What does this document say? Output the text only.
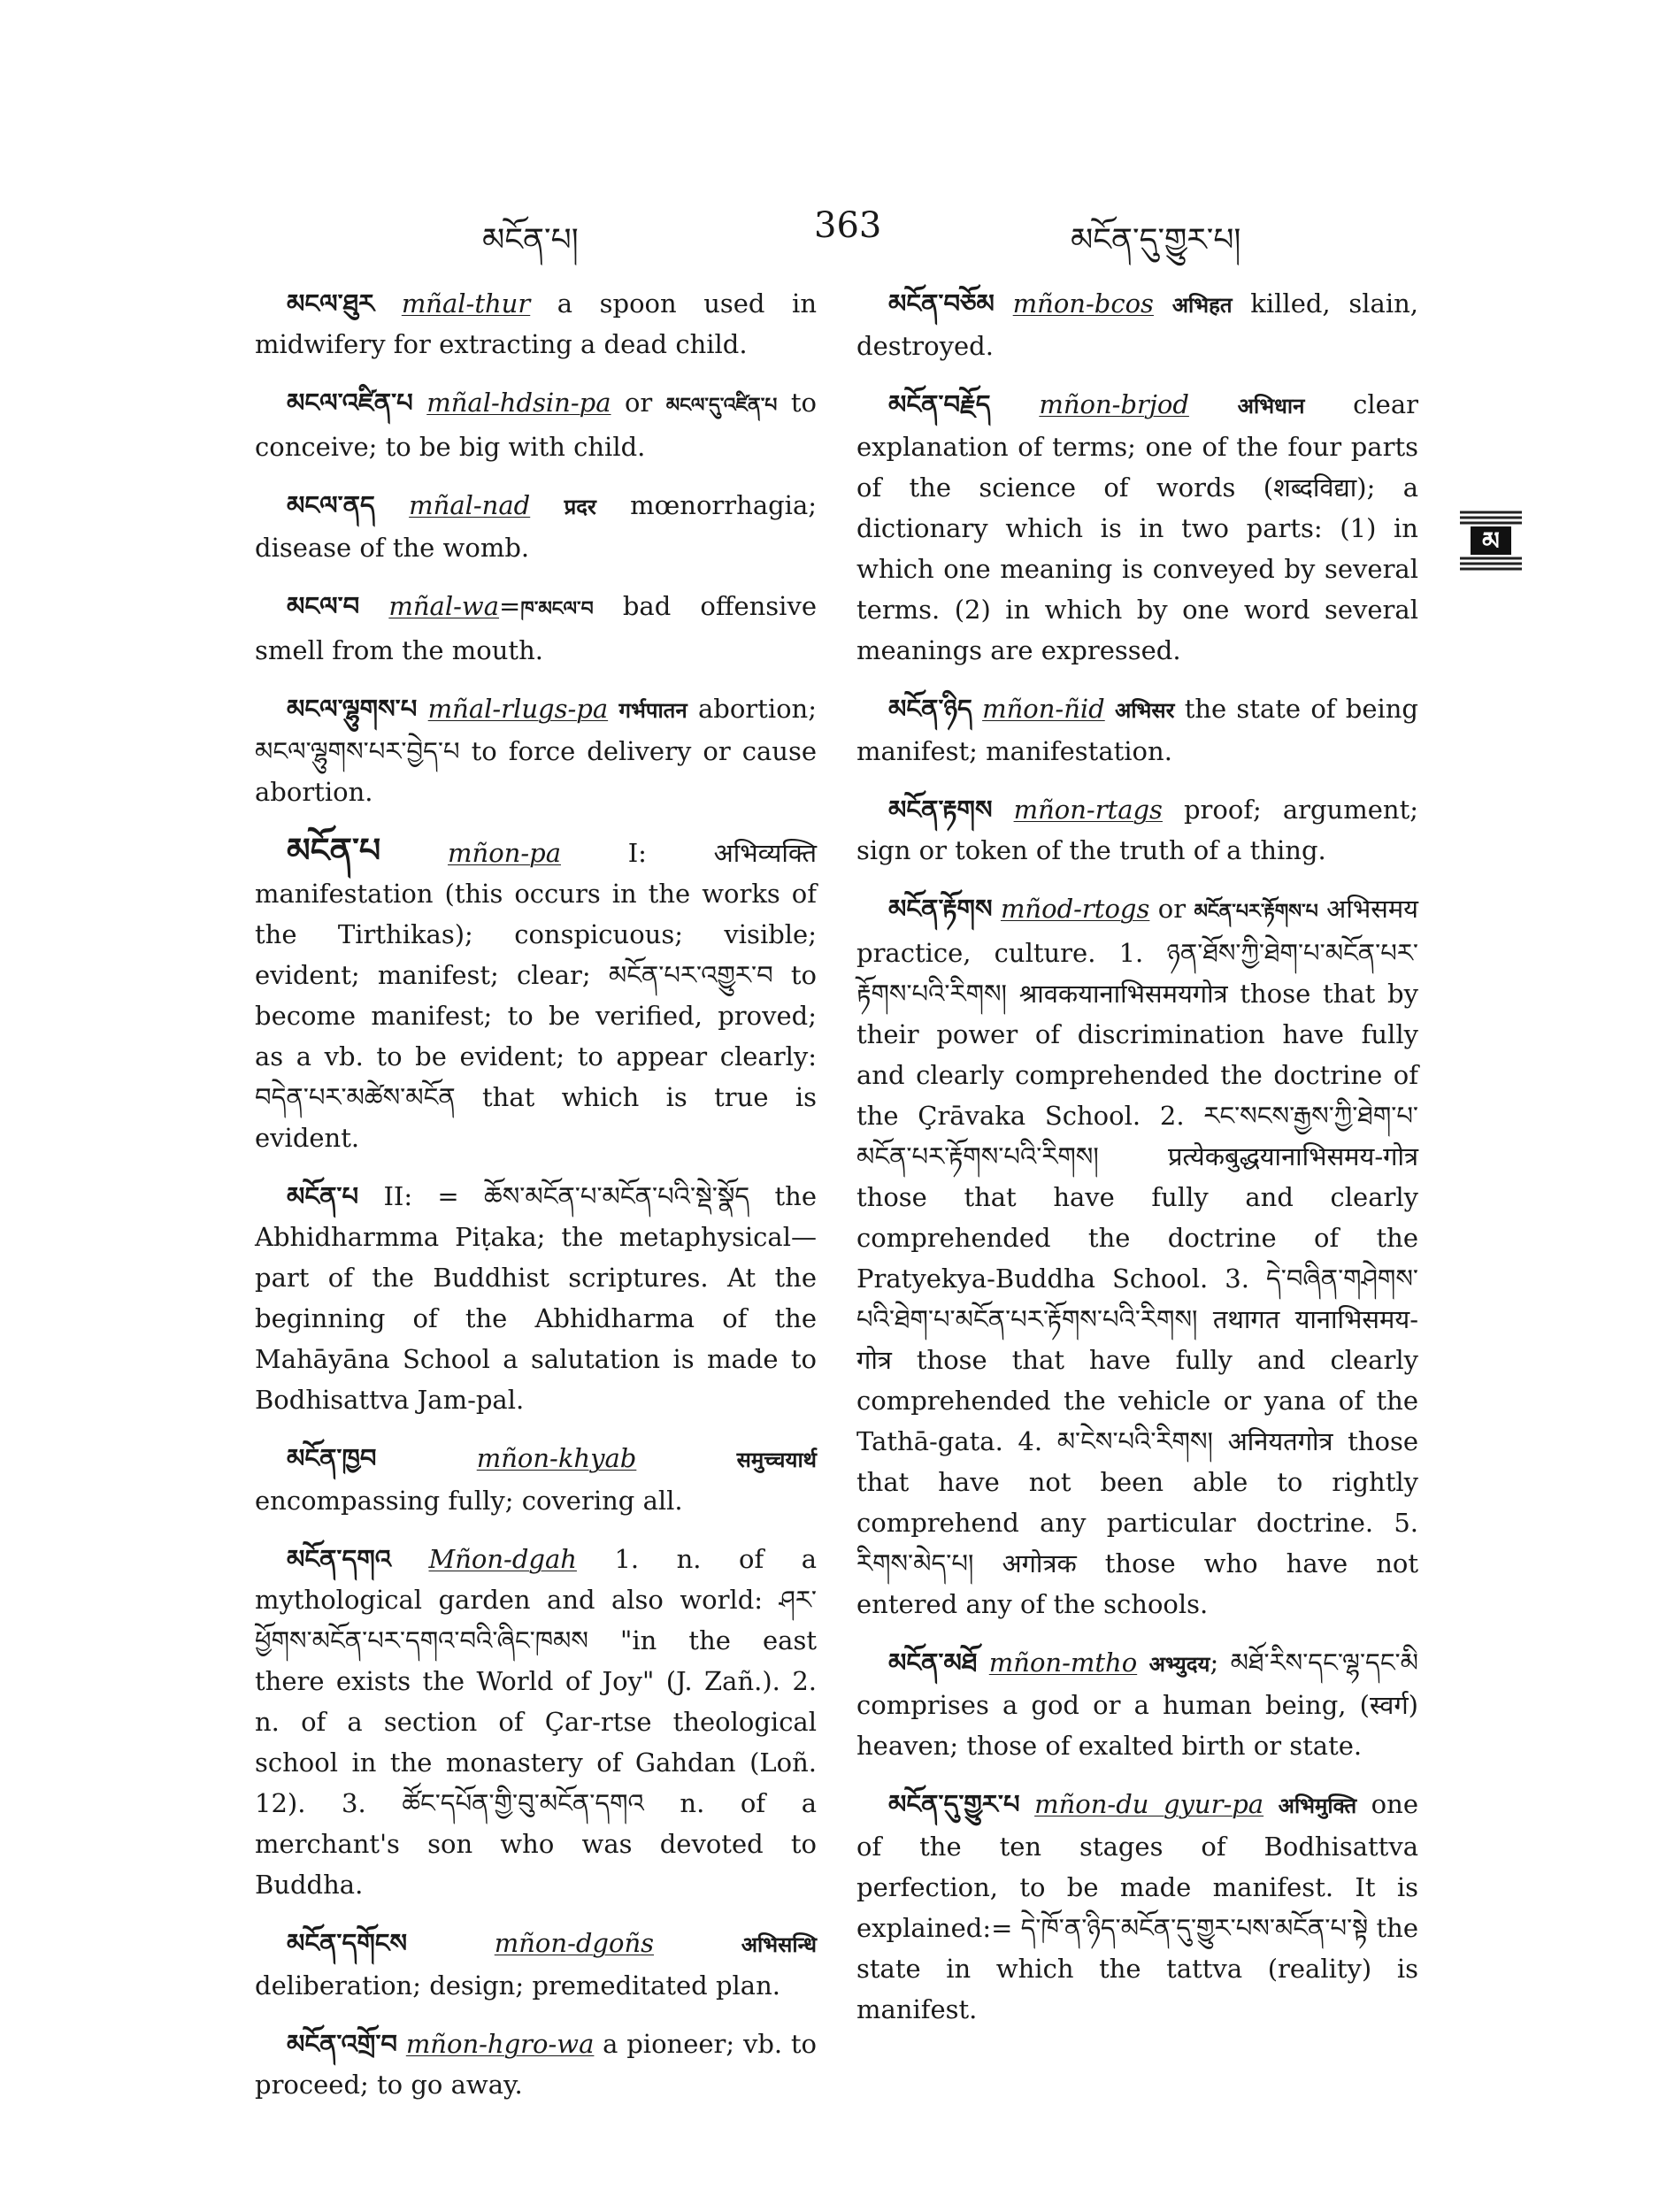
མངོན་པ།	363	མངོན་དུ་གྱུར་པ།

མངལ་ཐུར mñal-thur a spoon used in midwifery for extracting a dead child.

མངལ་འཛིན་པ mñal-hdsin-pa or མངལ་དུ་འཛིན་པ to conceive; to be big with child.

མངལ་ནད mñal-nad प्रदर mœnorrhagia; disease of the womb.

མངལ་བ mñal-wa=ཁ་མངལ་བ bad offensive smell from the mouth.

མངལ་ལྷུགས་པ mñal-rlugs-pa गर्भपातन abortion; མངལ་ལྷུགས་པར་བྱེད་པ to force delivery or cause abortion.

མངོན་པ	mñon-pa I: अभिव्यक्ति manifestation (this occurs in the works of the Tirthikas); conspicuous; visible; evident; manifest; clear; མངོན་པར་འགྱུར་བ to become manifest; to be verified, proved; as a vb. to be evident; to appear clearly: བདེན་པར་མཚེས་མངོན that which is true is evident.

མངོན་པ II: = ཆོས་མངོན་པ་མངོན་པའི་སྡེ་སྣོད the Abhidharmma Piṭaka; the metaphysical—part of the Buddhist scriptures. At the beginning of the Abhidharma of the Mahāyāna School a salutation is made to Bodhisattva Jam-pal.

མངོན་ཁྱབ	mñon-khyab	समुच्चयार्थ encompassing fully; covering all.

མངོན་དགའ Mñon-dgah 1. n. of a mythological garden and also world: ཤར་ཕྱོགས་མངོན་པར་དགའ་བའི་ཞིང་ཁམས "in the east there exists the World of Joy" (J. Zañ.). 2. n. of a section of Çar-rtse theological school in the monastery of Gahdan (Loñ. 12). 3. ཚོང་དཔོན་གྱི་བུ་མངོན་དགའ n. of a merchant's son who was devoted to Buddha.

མངོན་དགོངས	mñon-dgoñs	अभिसन्धि deliberation; design; premeditated plan.

མངོན་འགྲོ་བ mñon-hgro-wa a pioneer; vb. to proceed; to go away.

མངོན་བཅོམ mñon-bcos अभिहत killed, slain, destroyed.

མངོན་བརྗོད mñon-brjod अभिधान clear explanation of terms; one of the four parts of the science of words (शब्दविद्या); a dictionary which is in two parts: (1) in which one meaning is conveyed by several terms. (2) in which by one word several meanings are expressed.

མངོན་ཉིད mñon-ñid अभिसर the state of being manifest; manifestation.

མངོན་རྟགས mñon-rtags proof; argument; sign or token of the truth of a thing.

མངོན་རྟོགས mñod-rtogs or མངོན་པར་རྟོགས་པ अभिसमय practice, culture. 1. ཉན་ཐོས་ཀྱི་ཐེག་པ་མངོན་པར་རྟོགས་པའི་རིགས། श्रावकयानाभिसमयगोत्र those that by their power of discrimination have fully and clearly comprehended the doctrine of the Çrāvaka School. 2. རང་སངས་རྒྱས་ཀྱི་ཐེག་པ་མངོན་པར་རྟོགས་པའི་རིགས། प्रत्येकबुद्धयानाभिसमय-गोत्र those that have fully and clearly comprehended the doctrine of the Pratyekya-Buddha School. 3. དེ་བཞིན་གཤེགས་པའི་ཐེག་པ་མངོན་པར་རྟོགས་པའི་རིགས། तथागत यानाभिसमय-गोत्र those that have fully and clearly comprehended the vehicle or yana of the Tathā-gata. 4. མ་ངེས་པའི་རིགས། अनियतगोत्र those that have not been able to rightly comprehend any particular doctrine. 5. རིགས་མེད་པ། अगोत्रक those who have not entered any of the schools.

མངོན་མཐོ mñon-mtho अभ्युदय; མཐོ་རིས་དང་ལྷ་དང་མི comprises a god or a human being, (स्वर्ग) heaven; those of exalted birth or state.

མངོན་དུ་གྱུར་པ mñon-du gyur-pa अभिमुक्ति one of the ten stages of Bodhisattva perfection, to be made manifest. It is explained:= དེ་ཁོ་ན་ཉིད་མངོན་དུ་གྱུར་པས་མངོན་པ་སྟེ the state in which the tattva (reality) is manifest.

མ
